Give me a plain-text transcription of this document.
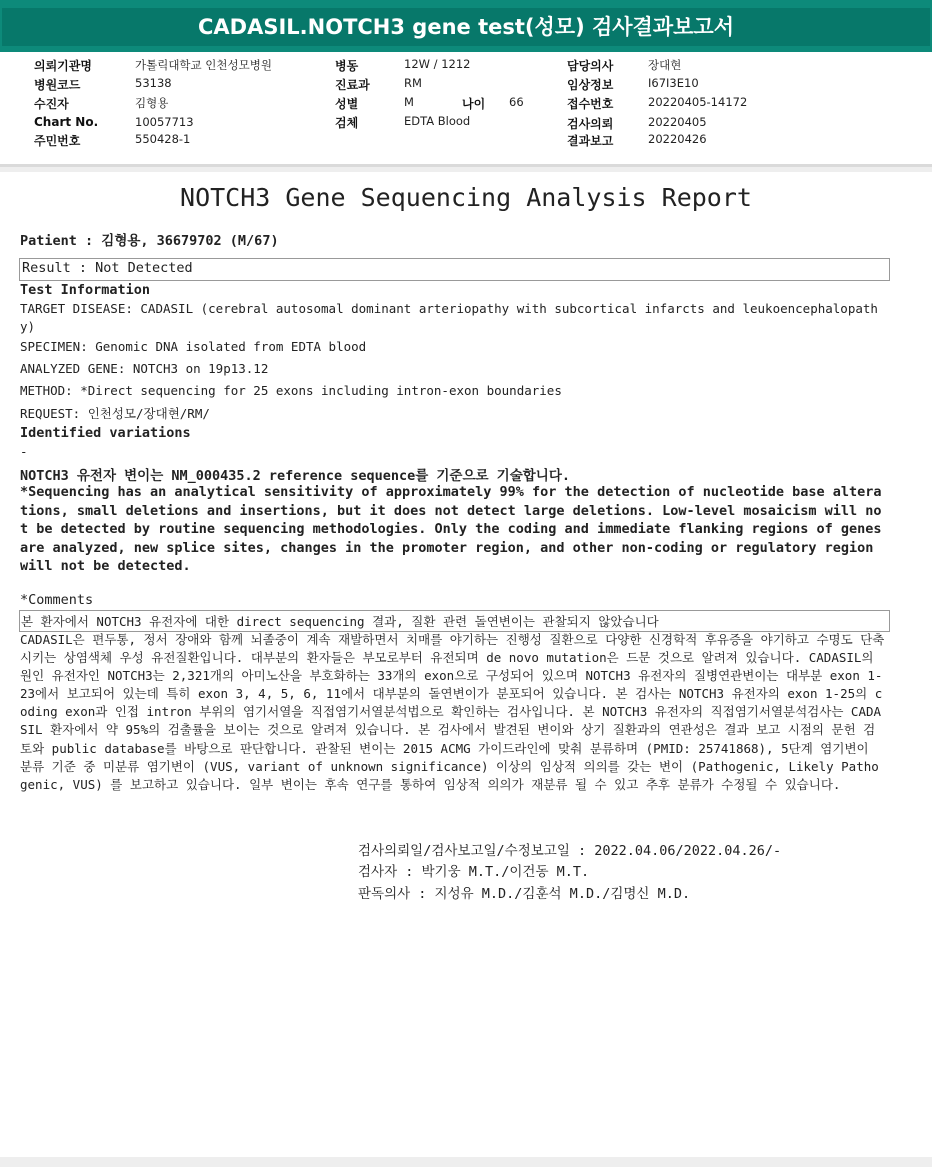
CADASIL.NOTCH3 gene test(성모) 검사결과보고서
의뢰기관명	가톨릭대학교 인천성모병원
병원코드	53138
수진자	김형용
Chart No.	10057713
주민번호	550428-1
병동	12W / 1212
진료과	RM
성별	M	나이 66
검체	EDTA Blood
담당의사	장대현
임상정보	I67I3E10
접수번호	20220405-14172
검사의뢰	20220405
결과보고	20220426
NOTCH3 Gene Sequencing Analysis Report
Patient : 김형용, 36679702 (M/67)
Result : Not Detected
Test Information
TARGET DISEASE: CADASIL (cerebral autosomal dominant arteriopathy with subcortical infarcts and leukoencephalopathy)
SPECIMEN: Genomic DNA isolated from EDTA blood
ANALYZED GENE: NOTCH3 on 19p13.12
METHOD: *Direct sequencing for 25 exons including intron-exon boundaries
REQUEST: 인천성모/장대현/RM/
Identified variations
-
NOTCH3 유전자 변이는 NM_000435.2 reference sequence를 기준으로 기술합니다.
*Sequencing has an analytical sensitivity of approximately 99% for the detection of nucleotide base alterations, small deletions and insertions, but it does not detect large deletions. Low-level mosaicism will not be detected by routine sequencing methodologies. Only the coding and immediate flanking regions of genes are analyzed, new splice sites, changes in the promoter region, and other non-coding or regulatory region will not be detected.
*Comments
본 환자에서 NOTCH3 유전자에 대한 direct sequencing 결과, 질환 관련 돌연변이는 관찰되지 않았습니다
CADASIL은 편두통, 정서 장애와 함께 뇌졸중이 계속 재발하면서 치매를 야기하는 진행성 질환으로 다양한 신경학적 후유증을 야기하고 수명도 단축시키는 상염색체 우성 유전질환입니다. 대부분의 환자들은 부모로부터 유전되며 de novo mutation은 드문 것으로 알려져 있습니다. CADASIL의 원인 유전자인 NOTCH3는 2,321개의 아미노산을 부호화하는 33개의 exon으로 구성되어 있으며 NOTCH3 유전자의 질병연관변이는 대부분 exon 1-23에서 보고되어 있는데 특히 exon 3, 4, 5, 6, 11에서 대부분의 돌연변이가 분포되어 있습니다. 본 검사는 NOTCH3 유전자의 exon 1-25의 coding exon과 인접 intron 부위의 염기서열을 직접염기서열분석법으로 확인하는 검사입니다. 본 NOTCH3 유전자의 직접염기서열분석검사는 CADASIL 환자에서 약 95%의 검출률을 보이는 것으로 알려져 있습니다. 본 검사에서 발견된 변이와 상기 질환과의 연관성은 결과 보고 시점의 문헌 검토와 public database를 바탕으로 판단합니다. 관찰된 변이는 2015 ACMG 가이드라인에 맞춰 분류하며 (PMID: 25741868), 5단계 염기변이 분류 기준 중 미분류 염기변이 (VUS, variant of unknown significance) 이상의 임상적 의의를 갖는 변이 (Pathogenic, Likely Pathogenic, VUS) 를 보고하고 있습니다. 일부 변이는 후속 연구를 통하여 임상적 의의가 재분류 될 수 있고 추후 분류가 수정될 수 있습니다.
검사의뢰일/검사보고일/수정보고일 : 2022.04.06/2022.04.26/-
검사자 : 박기웅 M.T./이건동 M.T.
판독의사 : 지성유 M.D./김훈석 M.D./김명신 M.D.
